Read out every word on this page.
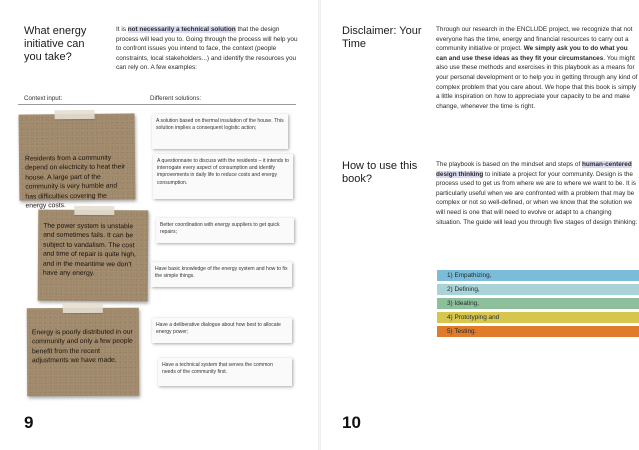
What energy initiative can you take?
It is not necessarily a technical solution that the design process will lead you to. Going through the process will help you to confront issues you intend to face, the context (people constraints, local stakeholders...) and identify the resources you can rely on. A few examples:
Context input:	Different solutions:
Residents from a community depend on electricity to heat their house. A large part of the community is very humble and has difficulties covering the energy costs.
The power system is unstable and sometimes fails. It can be subject to vandalism. The cost and time of repair is quite high, and in the meantime we don't have any energy.
Energy is poorly distributed in our community and only a few people benefit from the recent adjustments we have made.
A solution based on thermal insulation of the house. This solution implies a consequent logistic action;
A questionnaire to discuss with the residents – it intends to interrogate every aspect of consumption and identify improvements in daily life to reduce costs and energy consumption.
Better coordination with energy suppliers to get quick repairs;
Have basic knowledge of the energy system and how to fix the simple things.
Have a deliberative dialogue about how best to allocate energy power;
Have a technical system that serves the common needs of the community first.
9
Disclaimer: Your Time
Through our research in the ENCLUDE project, we recognize that not everyone has the time, energy and financial resources to carry out a community initiative or project. We simply ask you to do what you can and use these ideas as they fit your circumstances. You might also use these methods and exercises in this playbook as a means for your personal development or to help you in getting through any kind of complex problem that you care about. We hope that this book is simply a little inspiration on how to appreciate your capacity to be and make change, whenever the time is right.
How to use this book?
The playbook is based on the mindset and steps of human-centered design thinking to initiate a project for your community. Design is the process used to get us from where we are to where we want to be. It is particularly useful when we are confronted with a problem that may be complex or not so well-defined, or when we know that the solution we will need is one that will need to evolve or adapt to a changing situation. The guide will lead you through five stages of design thinking:
10
1) Empathizing,
2) Defining,
3) Ideating,
4) Prototyping and
5) Testing.
